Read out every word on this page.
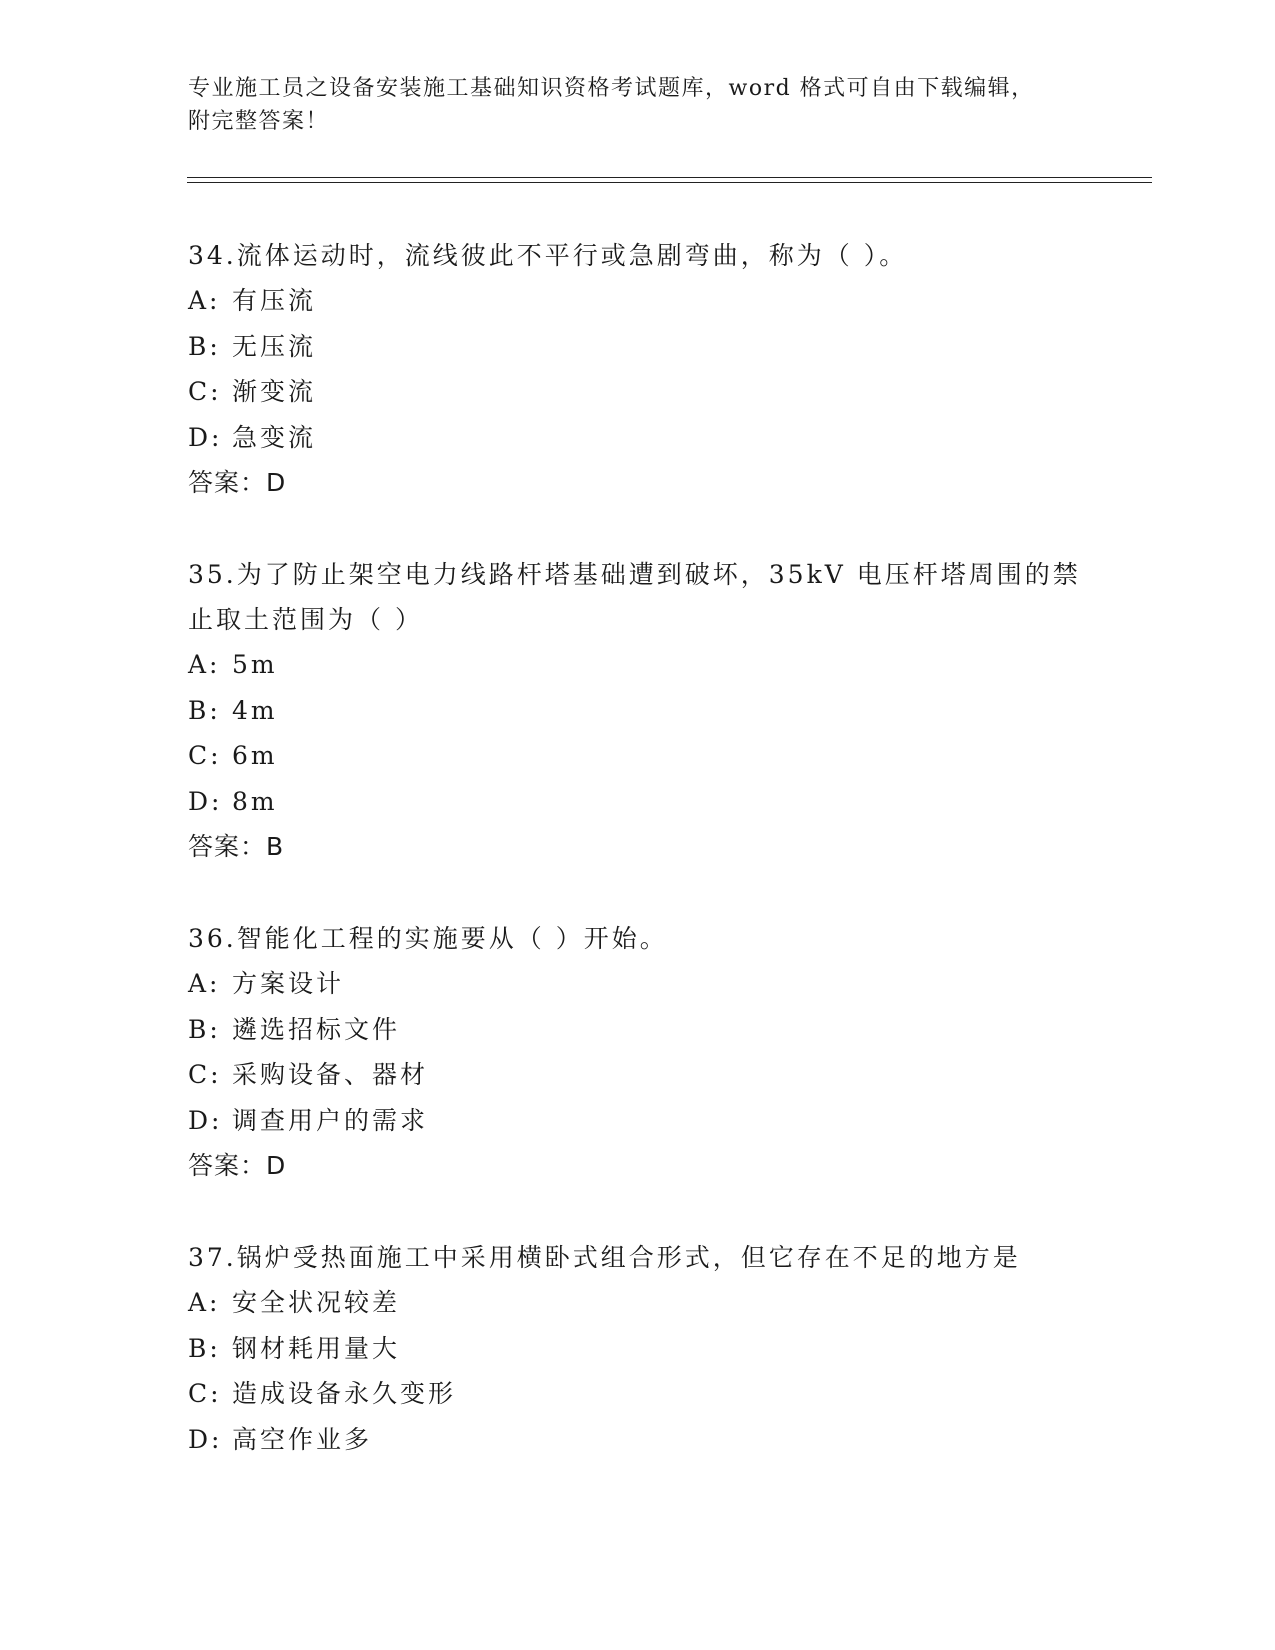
专业施工员之设备安装施工基础知识资格考试题库，word 格式可自由下载编辑，
附完整答案！
34.流体运动时，流线彼此不平行或急剧弯曲，称为（ ）。
A: 有压流
B: 无压流
C: 渐变流
D: 急变流
答案：D
35.为了防止架空电力线路杆塔基础遭到破坏，35kV 电压杆塔周围的禁
止取土范围为（ ）
A: 5m
B: 4m
C: 6m
D: 8m
答案：B
36.智能化工程的实施要从（ ）开始。
A: 方案设计
B: 遴选招标文件
C: 采购设备、器材
D: 调查用户的需求
答案：D
37.锅炉受热面施工中采用横卧式组合形式，但它存在不足的地方是
A: 安全状况较差
B: 钢材耗用量大
C: 造成设备永久变形
D: 高空作业多
